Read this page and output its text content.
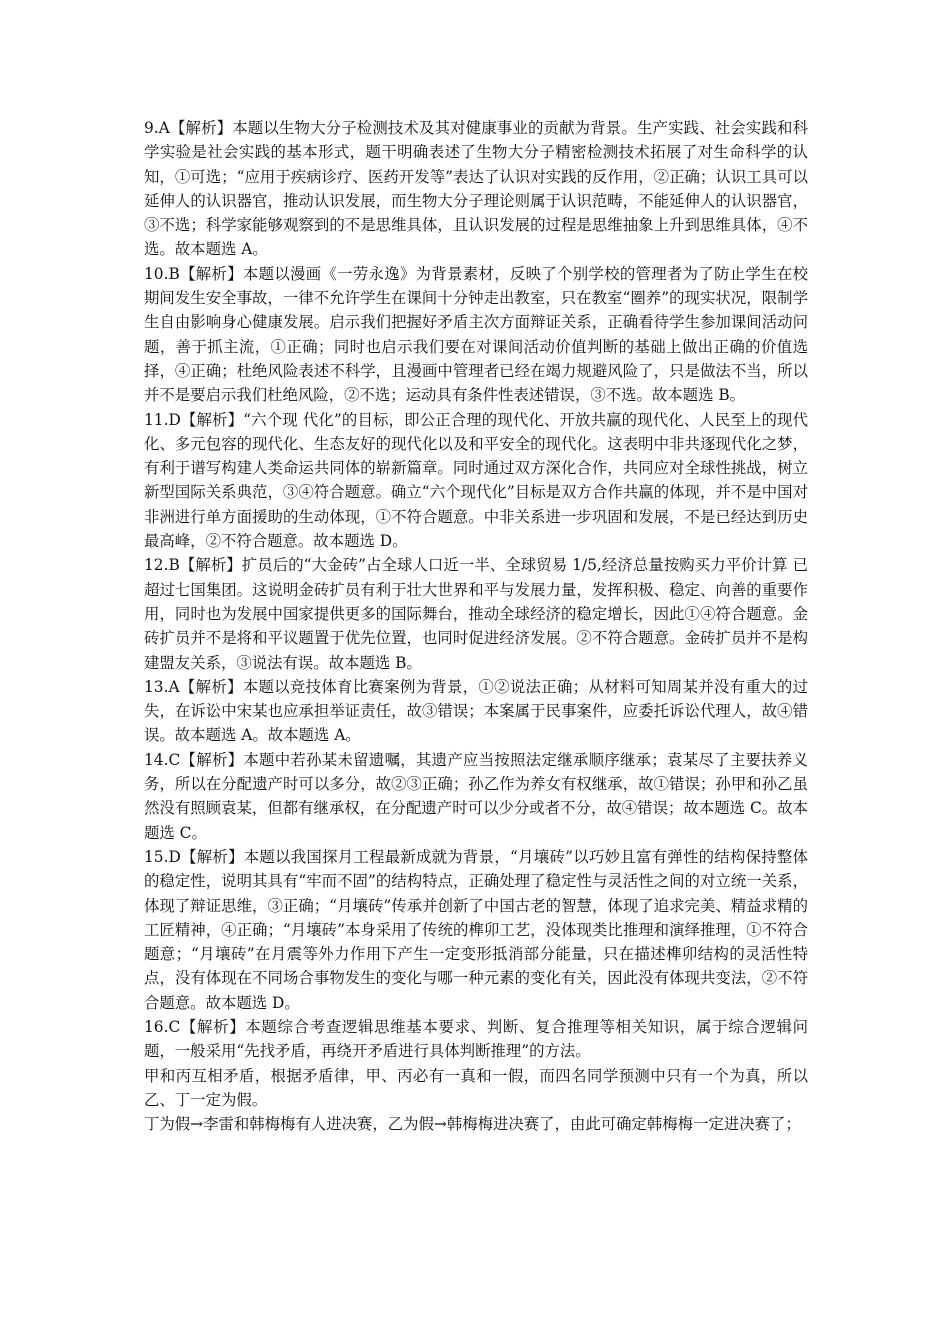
9.A【解析】本题以生物大分子检测技术及其对健康事业的贡献为背景。生产实践、社会实践和科学实验是社会实践的基本形式，题干明确表述了生物大分子精密检测技术拓展了对生命科学的认知，①可选；“应用于疾病诊疗、医药开发等”表达了认识对实践的反作用，②正确；认识工具可以延伸人的认识器官，推动认识发展，而生物大分子理论则属于认识范畴，不能延伸人的认识器官，③不选；科学家能够观察到的不是思维具体，且认识发展的过程是思维抽象上升到思维具体，④不选。故本题选 A。

10.B【解析】本题以漫画《一劳永逸》为背景素材，反映了个别学校的管理者为了防止学生在校期间发生安全事故，一律不允许学生在课间十分钟走出教室，只在教室“圈养”的现实状况，限制学生自由影响身心健康发展。启示我们把握好矛盾主次方面辩证关系，正确看待学生参加课间活动问题，善于抓主流，①正确；同时也启示我们要在对课间活动价值判断的基础上做出正确的价值选择，④正确；杜绝风险表述不科学，且漫画中管理者已经在竭力规避风险了，只是做法不当，所以并不是要启示我们杜绝风险，②不选；运动具有条件性表述错误，③不选。故本题选 B。

11.D【解析】“六个现 代化”的目标，即公正合理的现代化、开放共赢的现代化、人民至上的现代化、多元包容的现代化、生态友好的现代化以及和平安全的现代化。这表明中非共逐现代化之梦，有利于谱写构建人类命运共同体的崭新篇章。同时通过双方深化合作，共同应对全球性挑战，树立新型国际关系典范，③④符合题意。确立“六个现代化”目标是双方合作共赢的体现，并不是中国对非洲进行单方面援助的生动体现，①不符合题意。中非关系进一步巩固和发展，不是已经达到历史最高峰，②不符合题意。故本题选 D。

12.B【解析】扩员后的“大金砖”占全球人口近一半、全球贸易 1/5,经济总量按购买力平价计算 已超过七国集团。这说明金砖扩员有利于壮大世界和平与发展力量，发挥积极、稳定、向善的重要作用，同时也为发展中国家提供更多的国际舞台，推动全球经济的稳定增长，因此①④符合题意。金砖扩员并不是将和平议题置于优先位置，也同时促进经济发展。②不符合题意。金砖扩员并不是构建盟友关系，③说法有误。故本题选 B。

13.A【解析】本题以竞技体育比赛案例为背景，①②说法正确；从材料可知周某并没有重大的过失，在诉讼中宋某也应承担举证责任，故③错误；本案属于民事案件，应委托诉讼代理人，故④错误。故本题选 A。故本题选 A。

14.C【解析】本题中若孙某未留遗嘱，其遗产应当按照法定继承顺序继承；袁某尽了主要扶养义务，所以在分配遗产时可以多分，故②③正确；孙乙作为养女有权继承，故①错误；孙甲和孙乙虽然没有照顾袁某，但都有继承权，在分配遗产时可以少分或者不分，故④错误；故本题选 C。故本题选 C。

15.D【解析】本题以我国探月工程最新成就为背景，“月壤砖”以巧妙且富有弹性的结构保持整体的稳定性，说明其具有“牢而不固”的结构特点，正确处理了稳定性与灵活性之间的对立统一关系，体现了辩证思维，③正确；“月壤砖”传承并创新了中国古老的智慧，体现了追求完美、精益求精的工匠精神，④正确；“月壤砖”本身采用了传统的榫卯工艺，没体现类比推理和演绎推理，①不符合题意；“月壤砖”在月震等外力作用下产生一定变形抵消部分能量，只在描述榫卯结构的灵活性特点，没有体现在不同场合事物发生的变化与哪一种元素的变化有关，因此没有体现共变法，②不符合题意。故本题选 D。

16.C【解析】本题综合考查逻辑思维基本要求、判断、复合推理等相关知识，属于综合逻辑问题，一般采用“先找矛盾，再绕开矛盾进行具体判断推理”的方法。

甲和丙互相矛盾，根据矛盾律，甲、丙必有一真和一假，而四名同学预测中只有一个为真，所以乙、丁一定为假。

丁为假→李雷和韩梅梅有人进决赛，乙为假→韩梅梅进决赛了，由此可确定韩梅梅一定进决赛了；
